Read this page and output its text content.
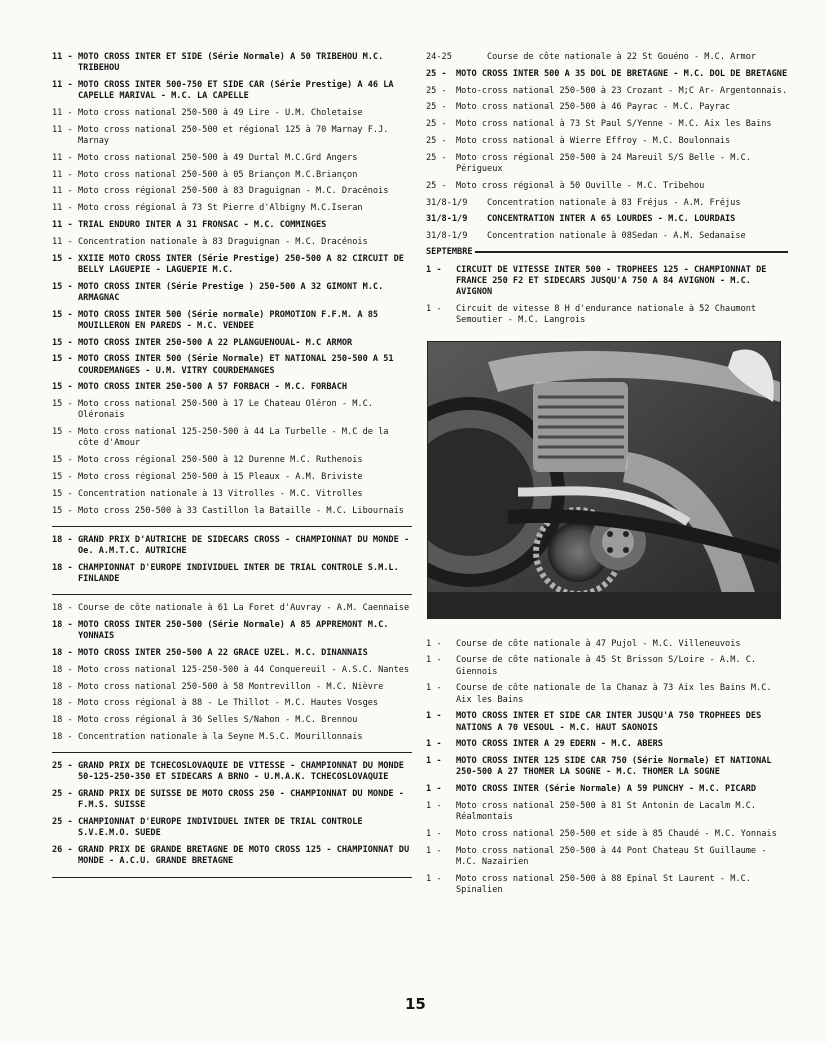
11 - MOTO CROSS INTER ET SIDE (Série Normale) A 50 TRIBEHOU M.C. TRIBEHOU
11 - MOTO CROSS INTER 500-750 ET SIDE CAR (Série Prestige) A 46 LA CAPELLE MARIVAL - M.C. LA CAPELLE
11 - Moto cross national 250-500 à 49 Lire - U.M. Choletaise
11 - Moto cross national 250-500 et régional 125 à 70 Marnay F.J. Marnay
11 - Moto cross national 250-500 à 49 Durtal M.C.Grd Angers
11 - Moto cross national 250-500 à 05 Briançon M.C.Briançon
11 - Moto cross régional 250-500 à 83 Draguignan - M.C. Dracénois
11 - Moto cross régional à 73 St Pierre d'Albigny M.C.Iseran
11 - TRIAL ENDURO INTER A 31 FRONSAC - M.C. COMMINGES
11 - Concentration nationale à 83 Draguignan - M.C. Dracénois
15 - XXIIE MOTO CROSS INTER (Série Prestige) 250-500 A 82 CIRCUIT DE BELLY LAGUEPIE - LAGUEPIE M.C.
15 - MOTO CROSS INTER (Série Prestige ) 250-500 A 32 GIMONT M.C. ARMAGNAC
15 - MOTO CROSS INTER 500 (Série normale) PROMOTION F.F.M. A 85 MOUILLERON EN PAREDS - M.C. VENDEE
15 - MOTO CROSS INTER 250-500 A 22 PLANGUENOUAL- M.C ARMOR
15 - MOTO CROSS INTER 500 (Série Normale) ET NATIONAL 250-500 A 51 COURDEMANGES - U.M. VITRY COURDEMANGES
15 - MOTO CROSS INTER 250-500 A 57 FORBACH - M.C. FORBACH
15 - Moto cross national 250-500 à 17 Le Chateau Oléron - M.C. Oléronais
15 - Moto cross national 125-250-500 à 44 La Turbelle - M.C de la côte d'Amour
15 - Moto cross régional 250-500 à 12 Durenne M.C. Ruthenois
15 - Moto cross régional 250-500 à 15 Pleaux - A.M. Briviste
15 - Concentration nationale à 13 Vitrolles - M.C. Vitrolles
15 - Moto cross 250-500 à 33 Castillon la Bataille - M.C. Libournais
18 - GRAND PRIX D'AUTRICHE DE SIDECARS CROSS - CHAMPIONNAT DU MONDE - Oe. A.M.T.C. AUTRICHE
18 - CHAMPIONNAT D'EUROPE INDIVIDUEL INTER DE TRIAL CONTROLE S.M.L. FINLANDE
18 - Course de côte nationale à 61 La Foret d'Auvray - A.M. Caennaise
18 - MOTO CROSS INTER 250-500 (Série Normale) A 85 APPREMONT M.C. YONNAIS
18 - MOTO CROSS INTER 250-500 A 22 GRACE UZEL. M.C. DINANNAIS
18 - Moto cross national 125-250-500 à 44 Conquereuil - A.S.C. Nantes
18 - Moto cross national 250-500 à 58 Montrevillon - M.C. Nièvre
18 - Moto cross régional à 88 - Le Thillot - M.C. Hautes Vosges
18 - Moto cross régional à 36 Selles S/Nahon - M.C. Brennou
18 - Concentration nationale à la Seyne M.S.C. Mourillonnais
25 - GRAND PRIX DE TCHECOSLOVAQUIE DE VITESSE - CHAMPIONNAT DU MONDE 50-125-250-350 ET SIDECARS A BRNO - U.M.A.K. TCHECOSLOVAQUIE
25 - GRAND PRIX DE SUISSE DE MOTO CROSS 250 - CHAMPIONNAT DU MONDE - F.M.S. SUISSE
25 - CHAMPIONNAT D'EUROPE INDIVIDUEL INTER DE TRIAL CONTROLE S.V.E.M.O. SUEDE
26 - GRAND PRIX DE GRANDE BRETAGNE DE MOTO CROSS 125 - CHAMPIONNAT DU MONDE - A.C.U. GRANDE BRETAGNE
24-25	Course de côte nationale à 22 St Gouéno - M.C. Armor
25 -	MOTO CROSS INTER 500 A 35 DOL DE BRETAGNE - M.C. DOL DE BRETAGNE
25 -	Moto-cross national 250-500 à 23 Crozant - M;C Ar- Argentonnais.
25 -	Moto cross national 250-500 à 46 Payrac - M.C. Payrac
25 -	Moto cross national à 73 St Paul S/Yenne - M.C. Aix les Bains
25 -	Moto cross national à Wierre Effroy - M.C. Boulonnais
25 -	Moto cross régional 250-500 à 24 Mareuil S/S Belle - M.C. Périgueux
25 -	Moto cross régional à 50 Ouville - M.C. Tribehou
31/8-1/9	Concentration nationale à 83 Fréjus - A.M. Fréjus
31/8-1/9	CONCENTRATION INTER A 65 LOURDES - M.C. LOURDAIS
31/8-1/9	Concentration nationale à 08Sedan - A.M. Sedanaise
SEPTEMBRE
1 -	CIRCUIT DE VITESSE INTER 500 - TROPHEES 125 - CHAMPIONNAT DE FRANCE 250 F2 ET SIDECARS JUSQU'A 750 A 84 AVIGNON - M.C. AVIGNON
1 -	Circuit de vitesse 8 H d'endurance nationale à 52 Chaumont Semoutier - M.C. Langrois
1 -	Course de côte nationale à 47 Pujol - M.C. Villeneuvois
1 -	Course de côte nationale à 45 St Brisson S/Loire - A.M. C. Giennois
1 -	Course de côte nationale de la Chanaz à 73 Aix les Bains M.C. Aix les Bains
1 -	MOTO CROSS INTER ET SIDE CAR INTER JUSQU'A 750 TROPHEES DES NATIONS A 70 VESOUL - M.C. HAUT SAONOIS
1 -	MOTO CROSS INTER A 29 EDERN - M.C. ABERS
1 -	MOTO CROSS INTER 125 SIDE CAR 750 (Série Normale) ET NATIONAL 250-500 A 27 THOMER LA SOGNE - M.C. THOMER LA SOGNE
1 -	MOTO CROSS INTER (Série Normale) A 59 PUNCHY - M.C. PICARD
1 -	Moto cross national 250-500 à 81 St Antonin de Lacalm M.C. Réalmontais
1 -	Moto cross national 250-500 et side à 85 Chaudé - M.C. Yonnais
1 -	Moto cross national 250-500 à 44 Pont Chateau St Guillaume - M.C. Nazairien
1 -	Moto cross national 250-500 à 88 Epinal St Laurent - M.C. Spinalien
15
